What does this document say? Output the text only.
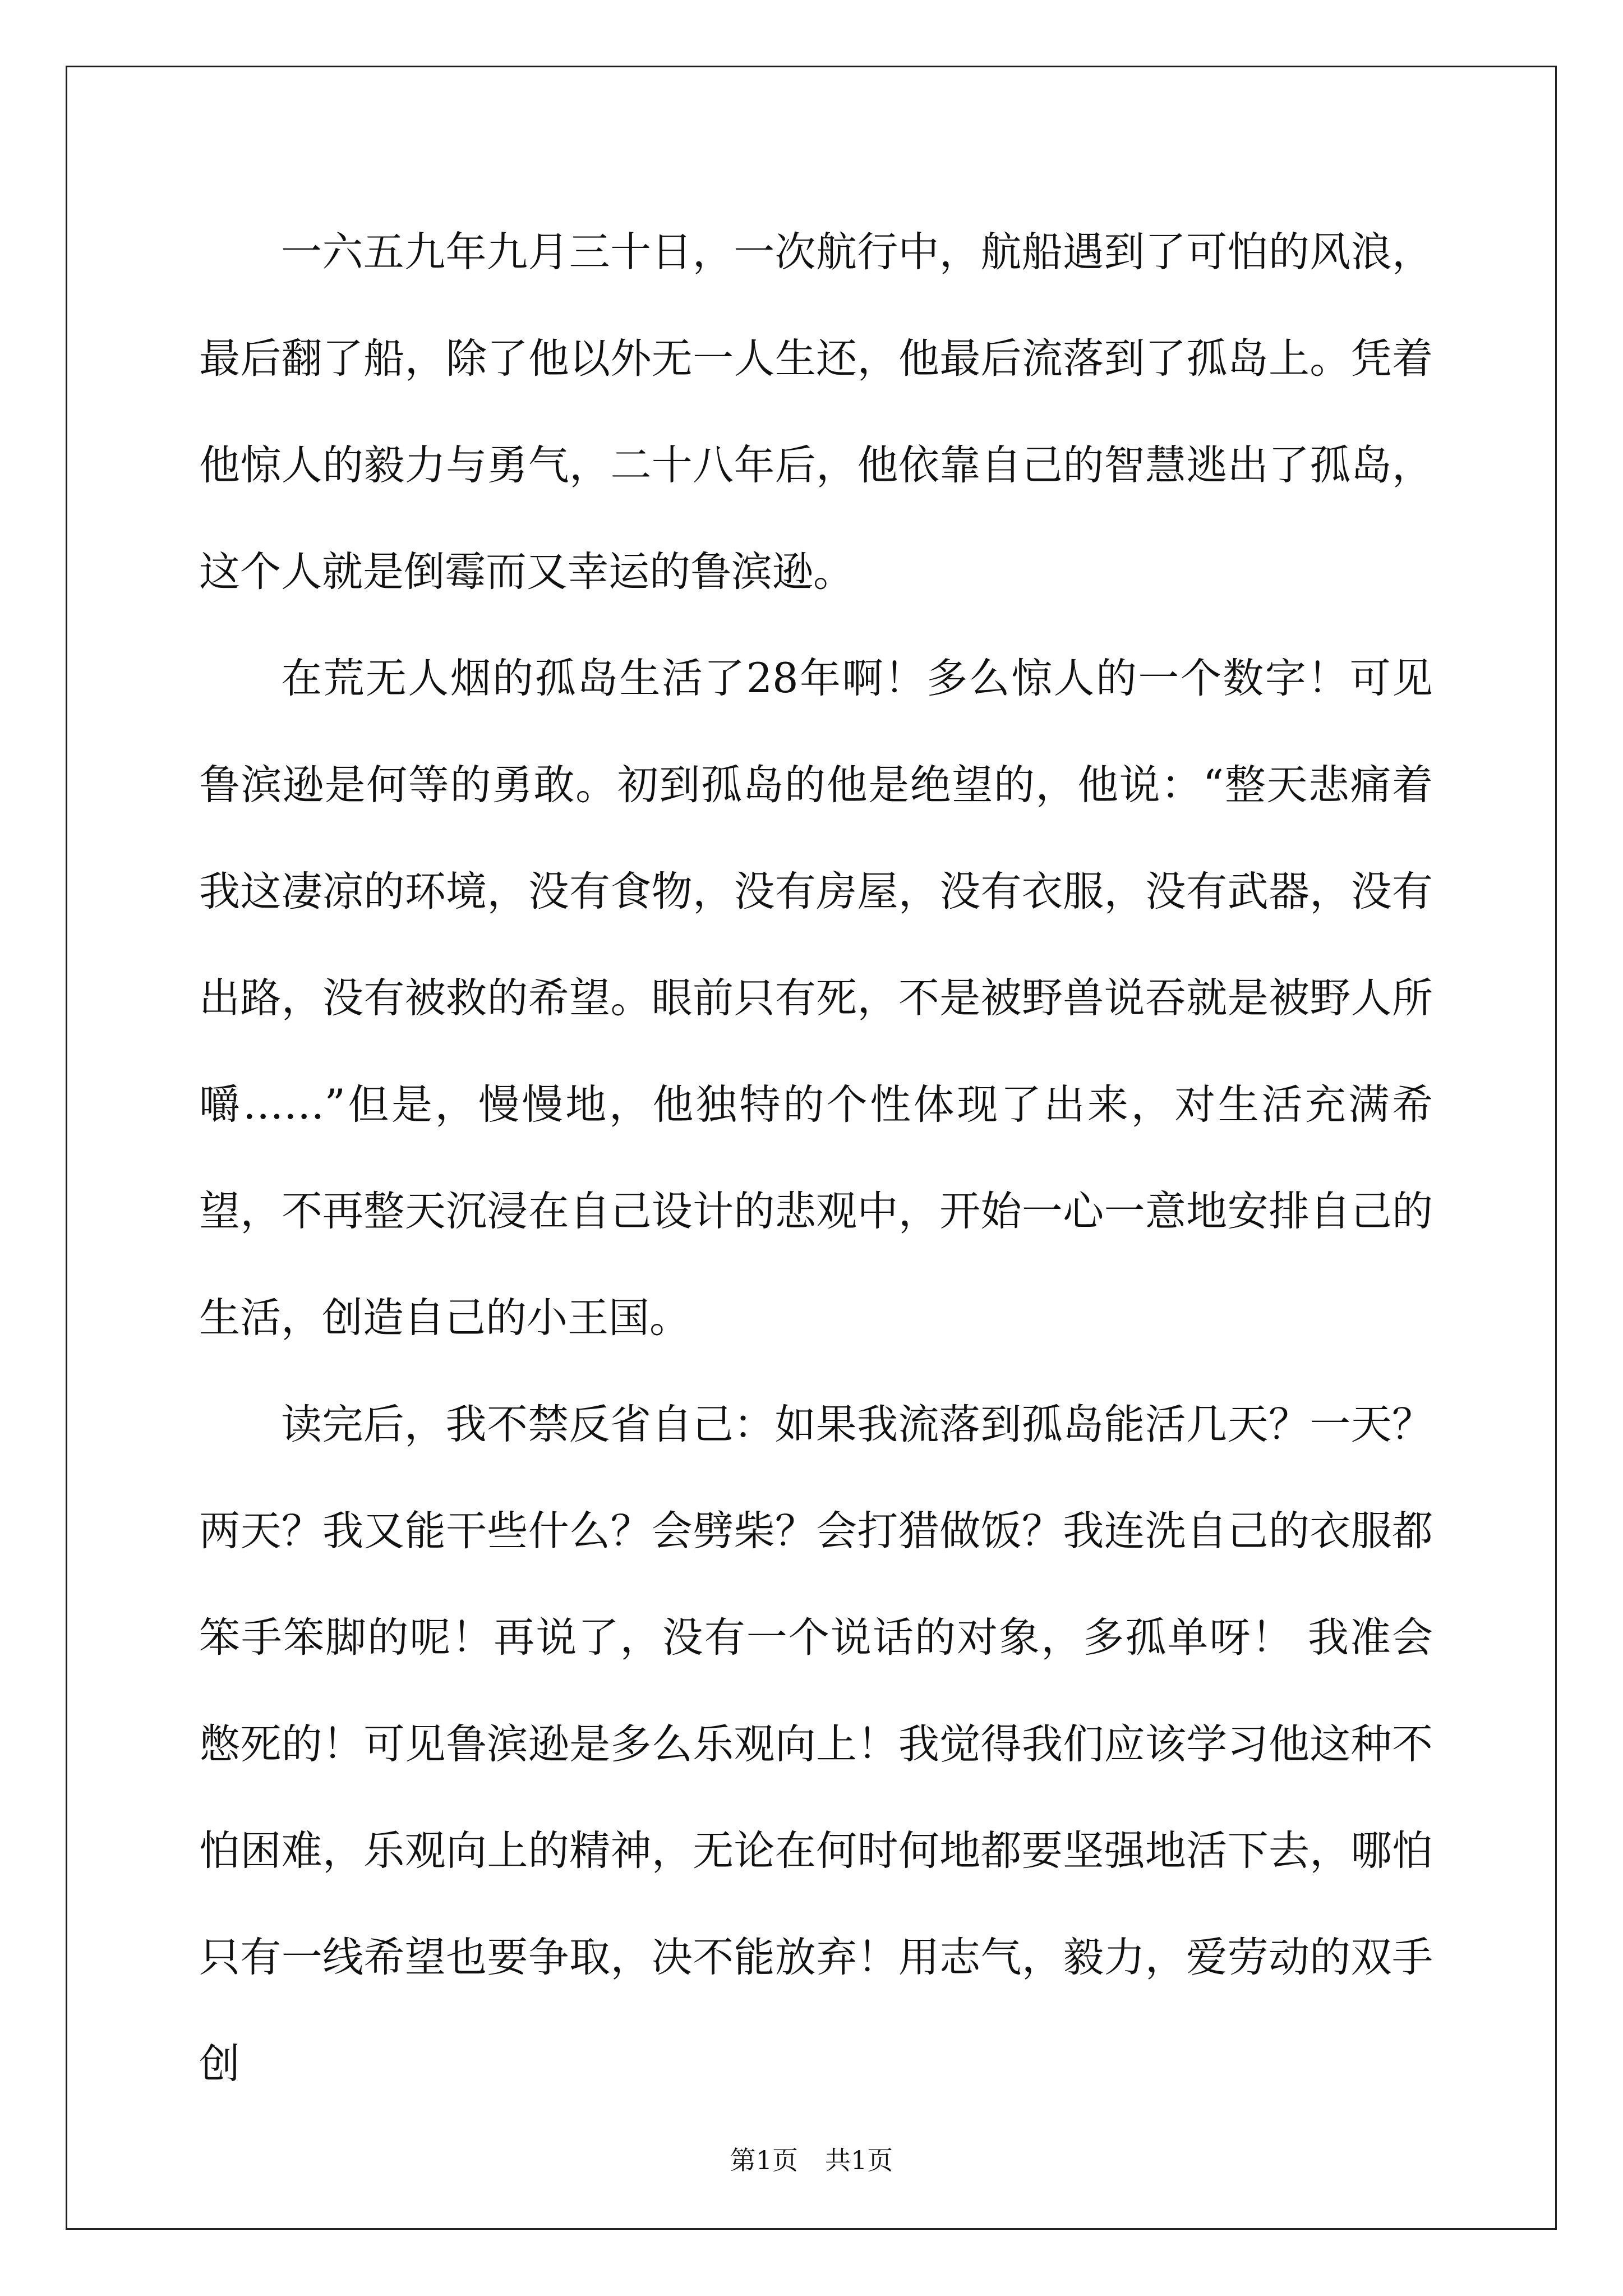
一六五九年九月三十日，一次航行中，航船遇到了可怕的风浪，最后翻了船，除了他以外无一人生还，他最后流落到了孤岛上。凭着他惊人的毅力与勇气，二十八年后，他依靠自己的智慧逃出了孤岛，这个人就是倒霉而又幸运的鲁滨逊。

在荒无人烟的孤岛生活了28年啊！多么惊人的一个数字！可见鲁滨逊是何等的勇敢。初到孤岛的他是绝望的，他说：“整天悲痛着我这凄凉的环境，没有食物，没有房屋，没有衣服，没有武器，没有出路，没有被救的希望。眼前只有死，不是被野兽说吞就是被野人所嚼……”但是，慢慢地，他独特的个性体现了出来，对生活充满希望，不再整天沉浸在自己设计的悲观中，开始一心一意地安排自己的生活，创造自己的小王国。

读完后，我不禁反省自己：如果我流落到孤岛能活几天？一天？两天？我又能干些什么？会劈柴？会打猎做饭？我连洗自己的衣服都笨手笨脚的呢！再说了，没有一个说话的对象，多孤单呀！ 我准会憋死的！可见鲁滨逊是多么乐观向上！我觉得我们应该学习他这种不怕困难，乐观向上的精神，无论在何时何地都要坚强地活下去，哪怕只有一线希望也要争取，决不能放弃！用志气，毅力，爱劳动的双手创

第1页 共1页
